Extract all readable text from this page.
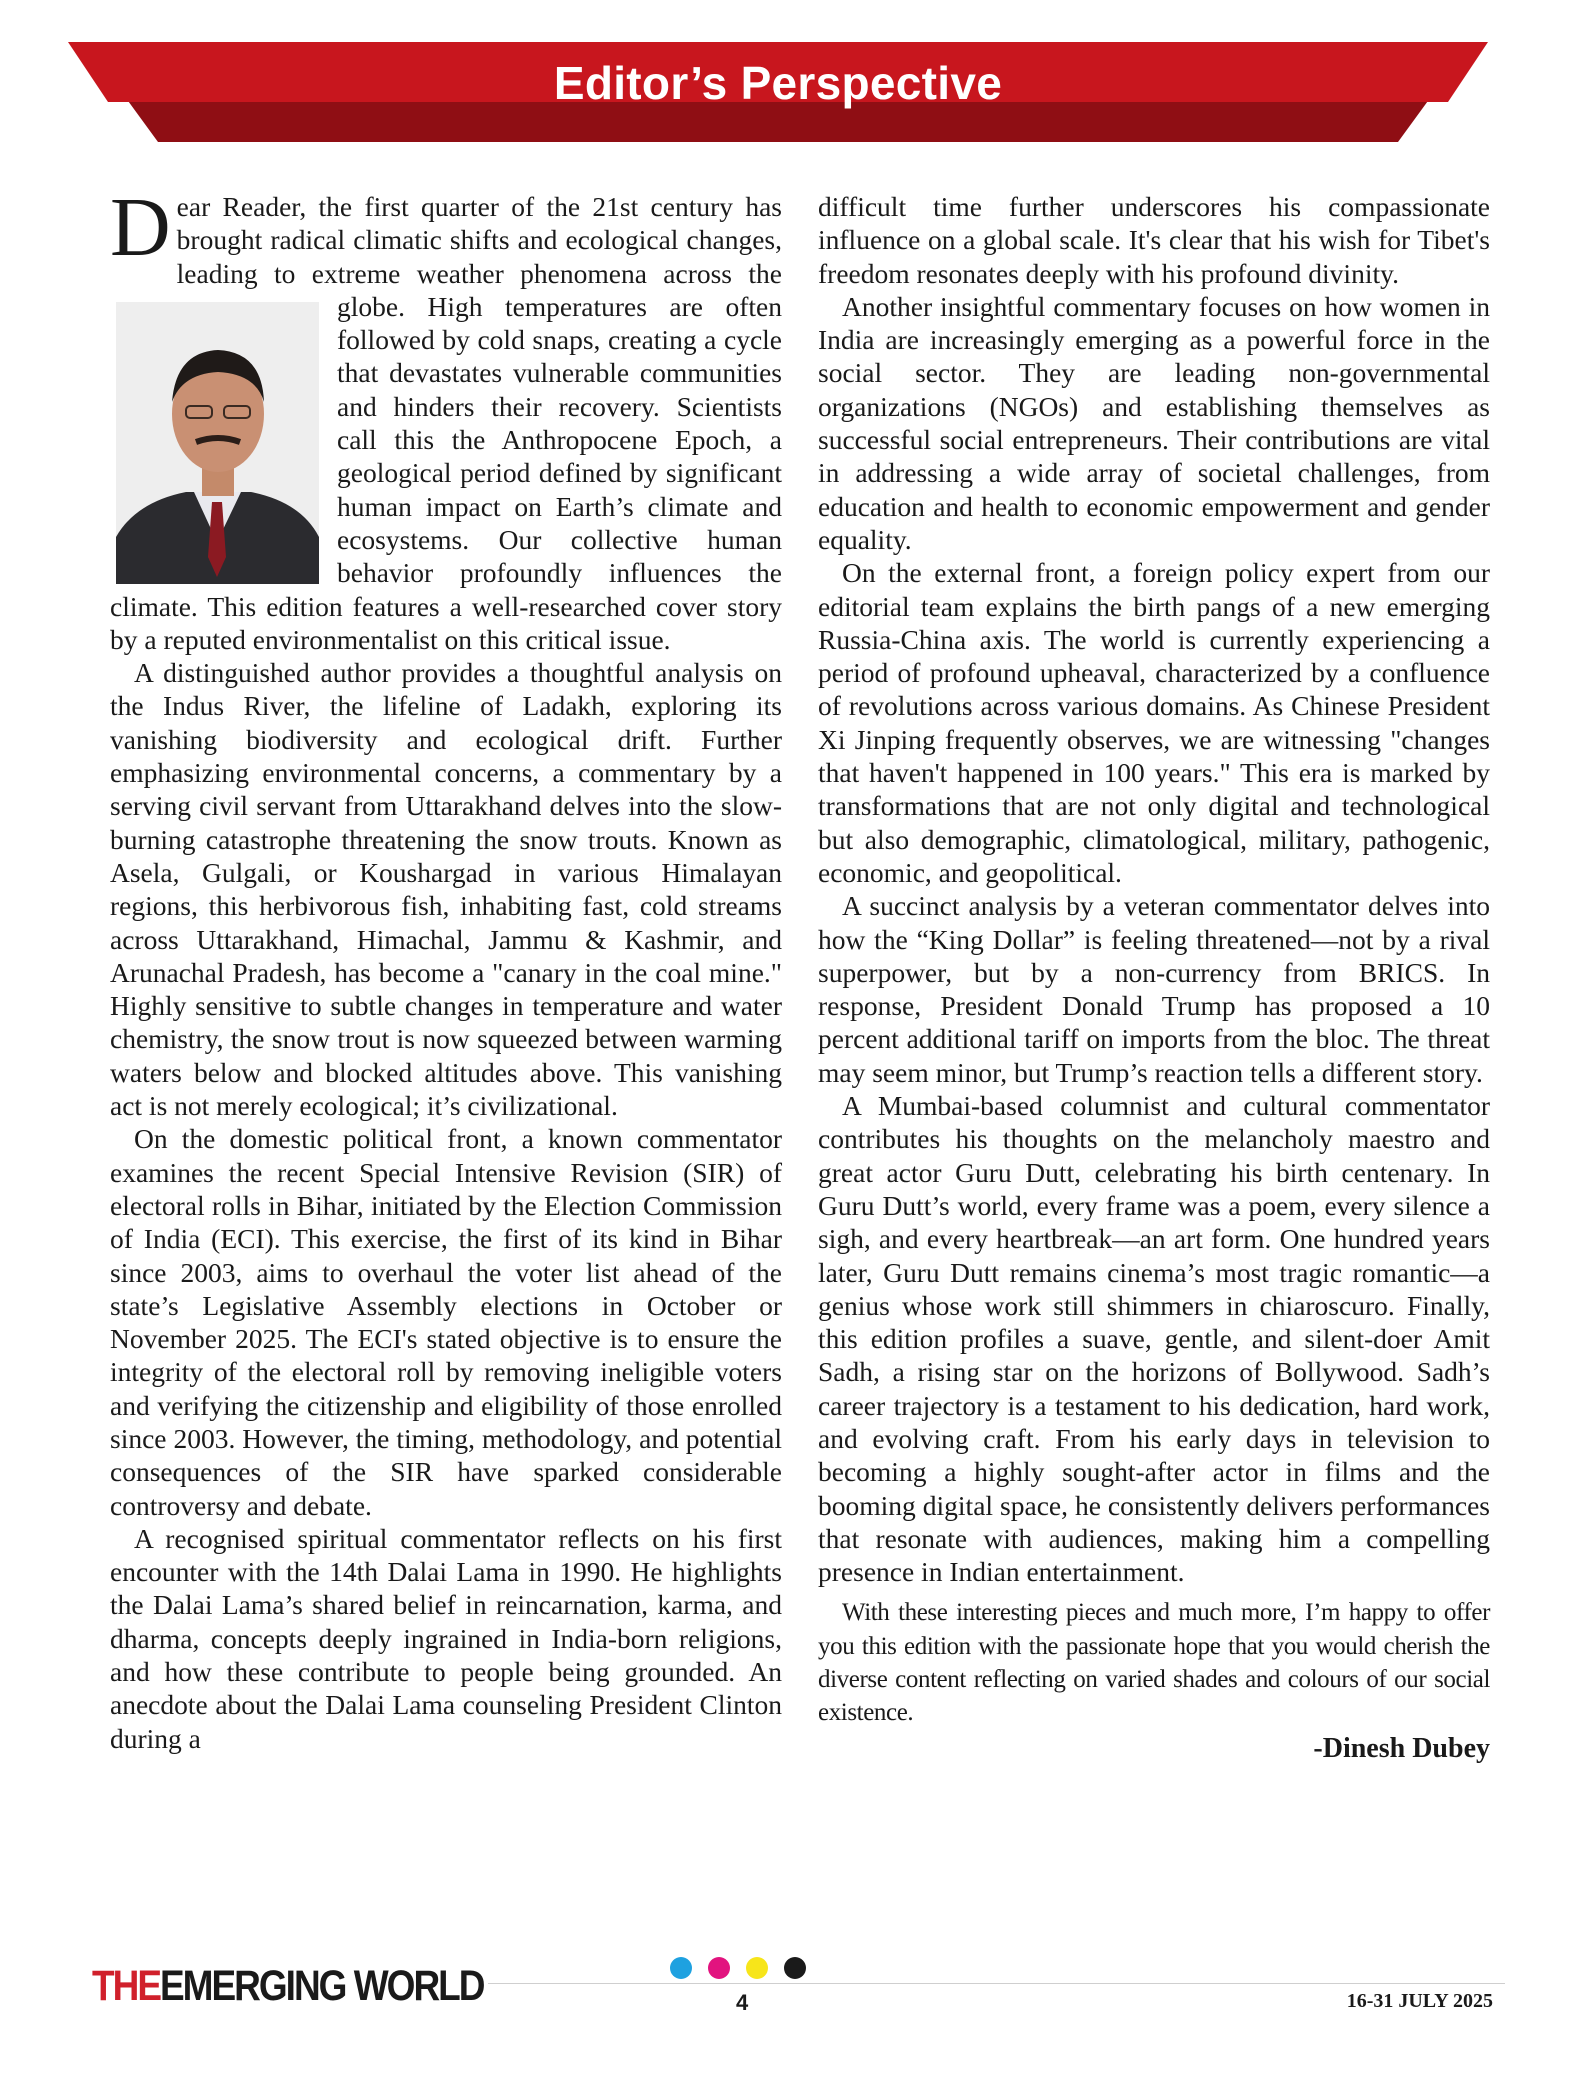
Editor’s Perspective

D ear Reader, the first quarter of the 21st century has brought radical climatic shifts and ecological changes, leading to extreme weather phenomena across the globe. High temperatures are often
followed by cold snaps, creating a cycle that devastates vulnerable communities and hinders their recovery. Scientists call this the Anthropocene Epoch, a geological period defined by significant human impact on Earth’s climate and ecosystems. Our collective human behavior profoundly influences the climate. This edition features a well-researched cover story by a reputed environmentalist on this critical issue.

A distinguished author provides a thoughtful analysis on the Indus River, the lifeline of Ladakh, exploring its vanishing biodiversity and ecological drift. Further emphasizing environmental concerns, a commentary by a serving civil servant from Uttarakhand delves into the slow-burning catastrophe threatening the snow trouts. Known as Asela, Gulgali, or Koushargad in various Himalayan regions, this herbivorous fish, inhabiting fast, cold streams across Uttarakhand, Himachal, Jammu & Kashmir, and Arunachal Pradesh, has become a "canary in the coal mine." Highly sensitive to subtle changes in temperature and water chemistry, the snow trout is now squeezed between warming waters below and blocked altitudes above. This vanishing act is not merely ecological; it’s civilizational.

On the domestic political front, a known commentator examines the recent Special Intensive Revision (SIR) of electoral rolls in Bihar, initiated by the Election Commission of India (ECI). This exercise, the first of its kind in Bihar since 2003, aims to overhaul the voter list ahead of the state’s Legislative Assembly elections in October or November 2025. The ECI's stated objective is to ensure the integrity of the electoral roll by removing ineligible voters and verifying the citizenship and eligibility of those enrolled since 2003. However, the timing, methodology, and potential consequences of the SIR have sparked considerable controversy and debate.

A recognised spiritual commentator reflects on his first encounter with the 14th Dalai Lama in 1990. He highlights the Dalai Lama’s shared belief in reincarnation, karma, and dharma, concepts deeply ingrained in India-born religions, and how these contribute to people being grounded. An anecdote about the Dalai Lama counseling President Clinton during a

difficult time further underscores his compassionate influence on a global scale. It's clear that his wish for Tibet's freedom resonates deeply with his profound divinity.

Another insightful commentary focuses on how women in India are increasingly emerging as a powerful force in the social sector. They are leading non-governmental organizations (NGOs) and establishing themselves as successful social entrepreneurs. Their contributions are vital in addressing a wide array of societal challenges, from education and health to economic empowerment and gender equality.

On the external front, a foreign policy expert from our editorial team explains the birth pangs of a new emerging Russia-China axis. The world is currently experiencing a period of profound upheaval, characterized by a confluence of revolutions across various domains. As Chinese President Xi Jinping frequently observes, we are witnessing "changes that haven't happened in 100 years." This era is marked by transformations that are not only digital and technological but also demographic, climatological, military, pathogenic, economic, and geopolitical.

A succinct analysis by a veteran commentator delves into how the “King Dollar” is feeling threatened—not by a rival superpower, but by a non-currency from BRICS. In response, President Donald Trump has proposed a 10 percent additional tariff on imports from the bloc. The threat may seem minor, but Trump’s reaction tells a different story.

A Mumbai-based columnist and cultural commentator contributes his thoughts on the melancholy maestro and great actor Guru Dutt, celebrating his birth centenary. In Guru Dutt’s world, every frame was a poem, every silence a sigh, and every heartbreak—an art form. One hundred years later, Guru Dutt remains cinema’s most tragic romantic—a genius whose work still shimmers in chiaroscuro. Finally, this edition profiles a suave, gentle, and silent-doer Amit Sadh, a rising star on the horizons of Bollywood. Sadh’s career trajectory is a testament to his dedication, hard work, and evolving craft. From his early days in television to becoming a highly sought-after actor in films and the booming digital space, he consistently delivers performances that resonate with audiences, making him a compelling presence in Indian entertainment.

With these interesting pieces and much more, I’m happy to offer you this edition with the passionate hope that you would cherish the diverse content reflecting on varied shades and colours of our social existence.

-Dinesh Dubey

THEEMERGING WORLD	4	16-31 JULY 2025
